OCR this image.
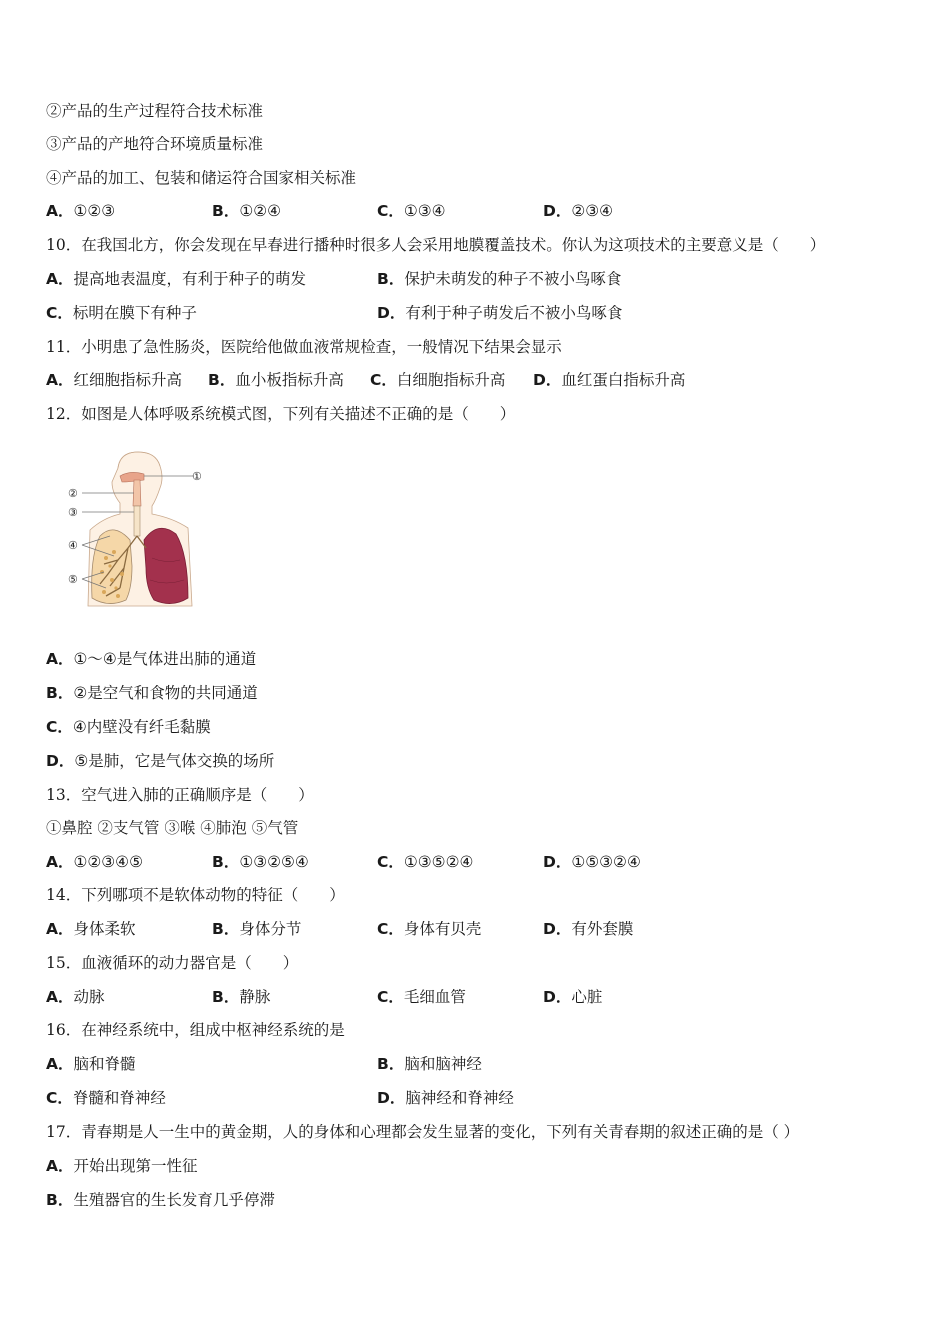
②产品的生产过程符合技术标准
③产品的产地符合环境质量标准
④产品的加工、包装和储运符合国家相关标准
A．①②③	B．①②④	C．①③④	D．②③④
10．在我国北方，你会发现在早春进行播种时很多人会采用地膜覆盖技术。你认为这项技术的主要意义是（　　）
A．提高地表温度，有利于种子的萌发	B．保护未萌发的种子不被小鸟啄食
C．标明在膜下有种子	D．有利于种子萌发后不被小鸟啄食
11．小明患了急性肠炎，医院给他做血液常规检查，一般情况下结果会显示
A．红细胞指标升高 B．血小板指标升高 C．白细胞指标升高 D．血红蛋白指标升高
12．如图是人体呼吸系统模式图，下列有关描述不正确的是（　　）
①
②
③
④
⑤
A．①～④是气体进出肺的通道
B．②是空气和食物的共同通道
C．④内壁没有纤毛黏膜
D．⑤是肺，它是气体交换的场所
13．空气进入肺的正确顺序是（　　）
①鼻腔 ②支气管 ③喉 ④肺泡 ⑤气管
A．①②③④⑤	B．①③②⑤④	C．①③⑤②④	D．①⑤③②④
14．下列哪项不是软体动物的特征（　　）
A．身体柔软	B．身体分节	C．身体有贝壳	D．有外套膜
15．血液循环的动力器官是（　　）
A．动脉	B．静脉	C．毛细血管	D．心脏
16．在神经系统中，组成中枢神经系统的是
A．脑和脊髓	B．脑和脑神经
C．脊髓和脊神经	D．脑神经和脊神经
17．青春期是人一生中的黄金期，人的身体和心理都会发生显著的变化，下列有关青春期的叙述正确的是（ ）
A．开始出现第一性征
B．生殖器官的生长发育几乎停滞
